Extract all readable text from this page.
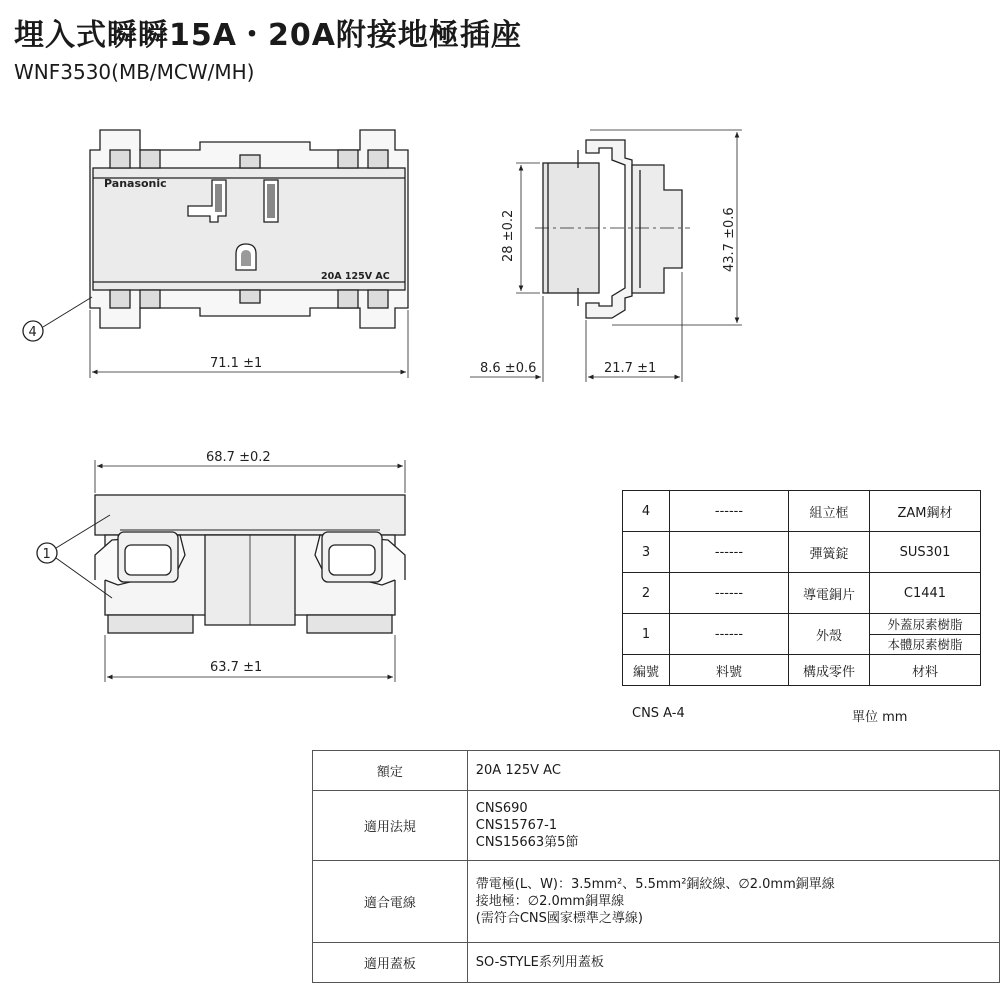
埋入式瞬瞬15A・20A附接地極插座
WNF3530(MB/MCW/MH)
Panasonic
20A 125V AC
4
71.1 ±1
28 ±0.2	43.7 ±0.6
8.6 ±0.6	21.7 ±1
1
68.7 ±0.2
63.7 ±1
4	------	組立框	ZAM鋼材
3	------	彈簧錠	SUS301
2	------	導電銅片	C1441
1	------	外殼	外蓋尿素樹脂
本體尿素樹脂

編號	料號	構成零件	材料
CNS A-4	單位 mm
額定	20A 125V AC
適用法規	CNS690
CNS15767-1
CNS15663第5節

適合電線	帶電極(L、W)：3.5mm²、5.5mm²銅絞線、∅2.0mm銅單線
接地極：∅2.0mm銅單線
(需符合CNS國家標準之導線)

適用蓋板	SO-STYLE系列用蓋板
